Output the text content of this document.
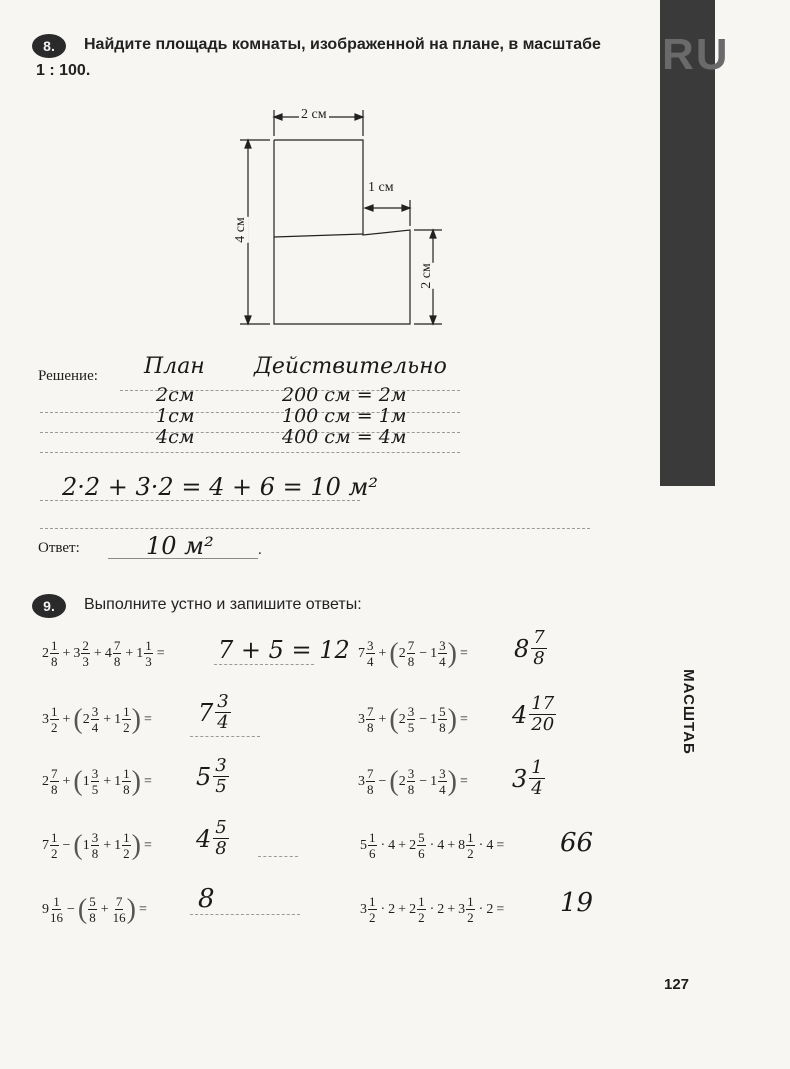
RU
МАСШТАБ
8.	Найдите площадь комнаты, изображенной на плане, в масштабе
1 : 100.
2 см
1 см
4 см
2 см
Решение: План Действительно
2см	200 см = 2м
1см	100 см = 1м
4см	400 см = 4м
2·2 + 3·2 = 4 + 6 = 10 м²
Ответ:	10 м²	.
9.	Выполните устно и запишите ответы:
$2 \frac{1}{8} + 3 \frac{2}{3} + 4 \frac{7}{8} + 1 \frac{1}{3} = 7 + 5 = 12$
$3 \frac{1}{2}$ + ( $2 \frac{3}{4} + 1 \frac{1}{2}$ ) = 7 3
4
$2 \frac{7}{8}$ + ( $1 \frac{3}{5} + 1 \frac{1}{8}$ ) = 5 3
5
$7 \frac{1}{2}$ − ( $1 \frac{3}{8} + 1 \frac{1}{2}$ ) = 4 5
8
$9 \frac{1}{16}$ − ( $\frac{5}{8} + \frac{7}{16}$ ) = 8
$7 \frac{3}{4}$ + ( $2 \frac{7}{8} - 1 \frac{3}{4}$ ) = 8 7
8
$3 \frac{7}{8}$ + ( $2 \frac{3}{5} - 1 \frac{5}{8}$ ) = 4 17
20
$3 \frac{7}{8}$ − ( $2 \frac{3}{8} - 1 \frac{3}{4}$ ) = 3 1
4
$5 \frac{1}{6} \cdot 4 + 2 \frac{5}{6} \cdot 4 + 8 \frac{1}{2} \cdot 4 = 66$
$3 \frac{1}{2} \cdot 2 + 2 \frac{1}{2} \cdot 2 + 3 \frac{1}{2} \cdot 2 = 19$
127
